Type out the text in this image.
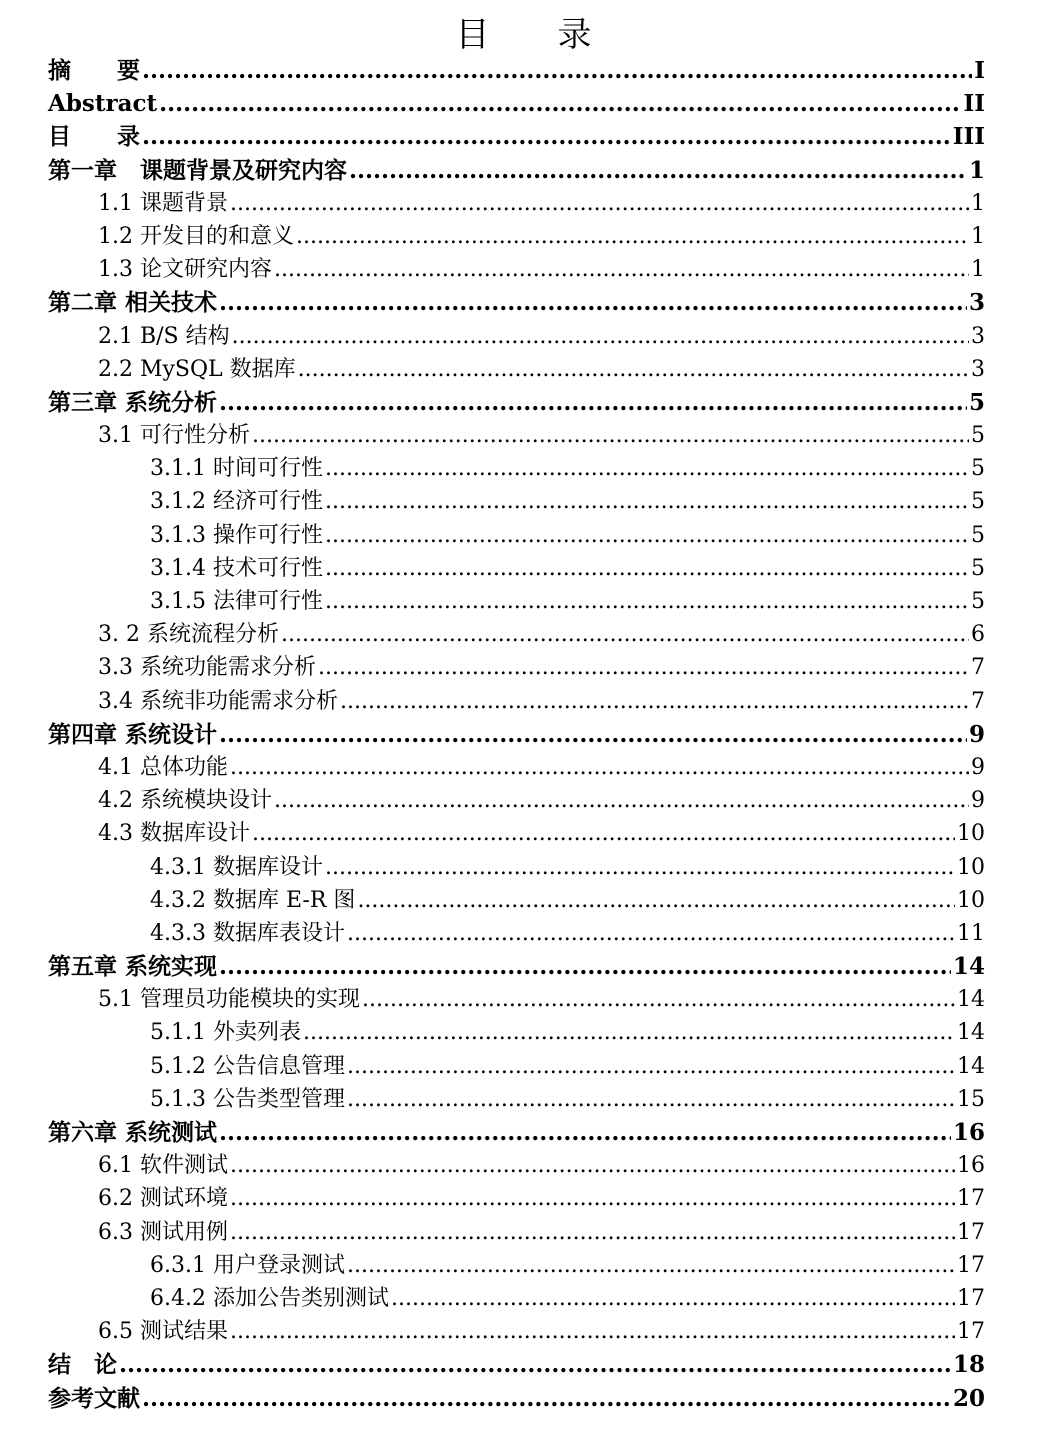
目　　录
摘　　要 .....	I
Abstract .....	II
目　　录 .....	III
第一章　课题背景及研究内容 .....	1
1.1 课题背景 .....	1
1.2 开发目的和意义 .....	1
1.3 论文研究内容 .....	1
第二章 相关技术 .....	3
2.1 B/S 结构 .....	3
2.2 MySQL 数据库 .....	3
第三章 系统分析 .....	5
3.1 可行性分析 .....	5
3.1.1 时间可行性 .....	5
3.1.2 经济可行性 .....	5
3.1.3 操作可行性 .....	5
3.1.4 技术可行性 .....	5
3.1.5 法律可行性 .....	5
3. 2 系统流程分析 .....	6
3.3 系统功能需求分析 .....	7
3.4 系统非功能需求分析 .....	7
第四章 系统设计 .....	9
4.1 总体功能 .....	9
4.2 系统模块设计 .....	9
4.3 数据库设计 .....	10
4.3.1 数据库设计 .....	10
4.3.2 数据库 E-R 图 .....	10
4.3.3 数据库表设计 .....	11
第五章 系统实现 .....	14
5.1 管理员功能模块的实现 .....	14
5.1.1 外卖列表 .....	14
5.1.2 公告信息管理 .....	14
5.1.3 公告类型管理 .....	15
第六章 系统测试 .....	16
6.1 软件测试 .....	16
6.2 测试环境 .....	17
6.3 测试用例 .....	17
6.3.1 用户登录测试 .....	17
6.4.2 添加公告类别测试 .....	17
6.5 测试结果 .....	17
结　论 .....	18
参考文献 .....	20
